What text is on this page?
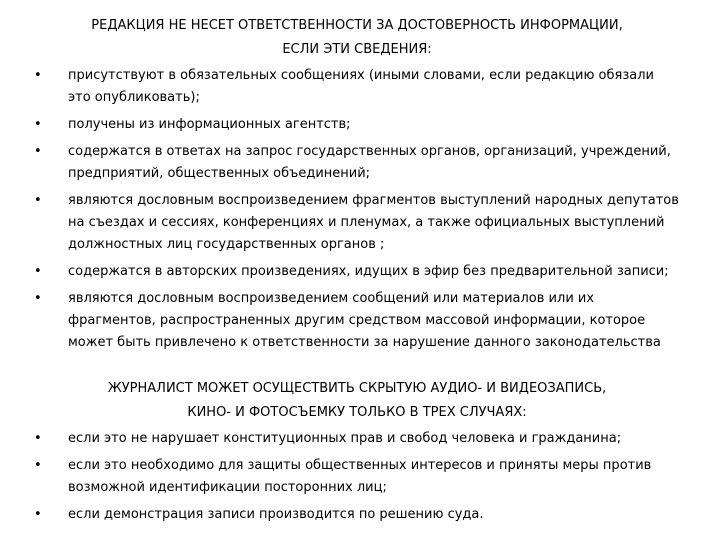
РЕДАКЦИЯ НЕ НЕСЕТ ОТВЕТСТВЕННОСТИ ЗА ДОСТОВЕРНОСТЬ ИНФОРМАЦИИ,

ЕСЛИ ЭТИ СВЕДЕНИЯ:

•	присутствуют в обязательных сообщениях (иными словами, если редакцию обязали это опубликовать);
•	получены из информационных агентств;
•	содержатся в ответах на запрос государственных органов, организаций, учреждений, предприятий, общественных объединений;
•	являются дословным воспроизведением фрагментов выступлений народных депутатов на съездах и сессиях, конференциях и пленумах, а также официальных выступлений должностных лиц государственных органов ;
•	содержатся в авторских произведениях, идущих в эфир без предварительной записи;
•	являются дословным воспроизведением сообщений или материалов или их фрагментов, распространенных другим средством массовой информации, которое может быть привлечено к ответственности за нарушение данного законодательства

ЖУРНАЛИСТ МОЖЕТ ОСУЩЕСТВИТЬ СКРЫТУЮ АУДИО- И ВИДЕОЗАПИСЬ,

КИНО- И ФОТОСЪЕМКУ ТОЛЬКО В ТРЕХ СЛУЧАЯХ:

•	если это не нарушает конституционных прав и свобод человека и гражданина;
•	если это необходимо для защиты общественных интересов и приняты меры против возможной идентификации посторонних лиц;
•	если демонстрация записи производится по решению суда.
